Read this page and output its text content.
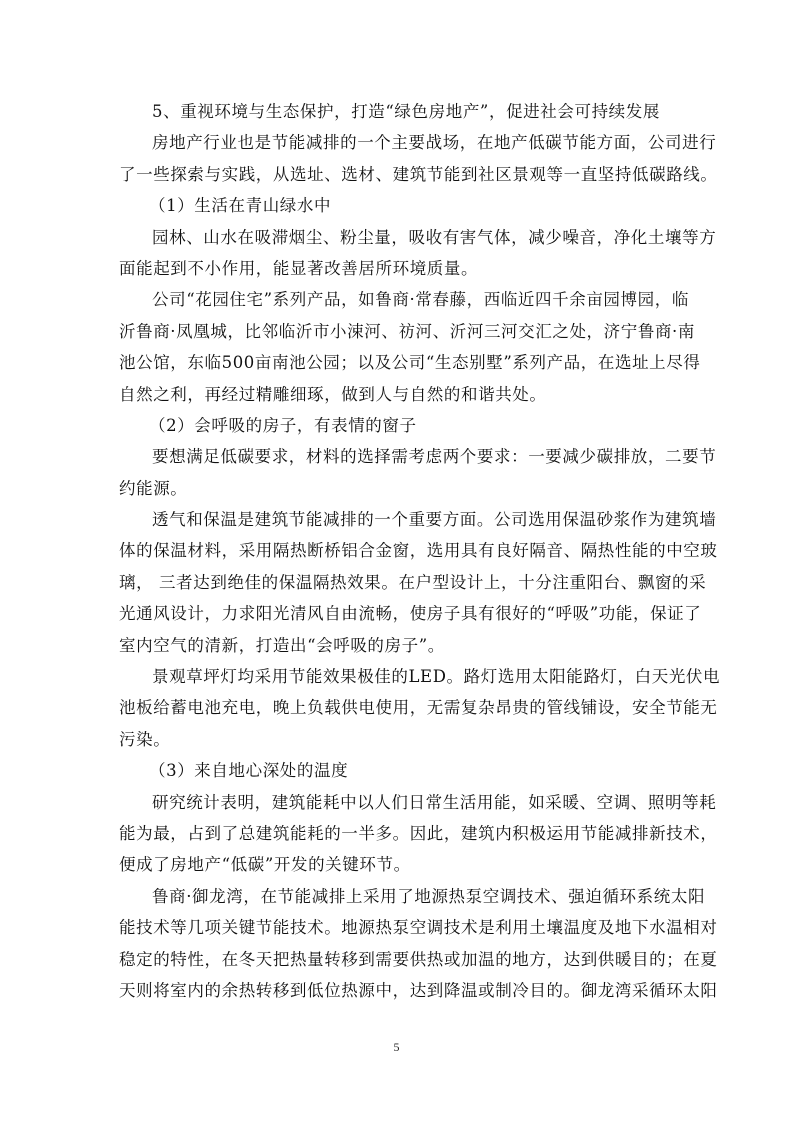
5、重视环境与生态保护，打造“绿色房地产”，促进社会可持续发展
房地产行业也是节能减排的一个主要战场，在地产低碳节能方面，公司进行
了一些探索与实践，从选址、选材、建筑节能到社区景观等一直坚持低碳路线。
（1）生活在青山绿水中
园林、山水在吸滞烟尘、粉尘量，吸收有害气体，减少噪音，净化土壤等方
面能起到不小作用，能显著改善居所环境质量。
公司“花园住宅”系列产品，如鲁商·常春藤，西临近四千余亩园博园，临
沂鲁商·凤凰城，比邻临沂市小涑河、祊河、沂河三河交汇之处，济宁鲁商·南
池公馆，东临500亩南池公园；以及公司“生态别墅”系列产品，在选址上尽得
自然之利，再经过精雕细琢，做到人与自然的和谐共处。
（2）会呼吸的房子，有表情的窗子
要想满足低碳要求，材料的选择需考虑两个要求：一要减少碳排放，二要节
约能源。
透气和保温是建筑节能减排的一个重要方面。公司选用保温砂浆作为建筑墙
体的保温材料，采用隔热断桥铝合金窗，选用具有良好隔音、隔热性能的中空玻
璃， 三者达到绝佳的保温隔热效果。在户型设计上，十分注重阳台、飘窗的采
光通风设计，力求阳光清风自由流畅，使房子具有很好的“呼吸”功能，保证了
室内空气的清新，打造出“会呼吸的房子”。
景观草坪灯均采用节能效果极佳的LED。路灯选用太阳能路灯，白天光伏电
池板给蓄电池充电，晚上负载供电使用，无需复杂昂贵的管线铺设，安全节能无
污染。
（3）来自地心深处的温度
研究统计表明，建筑能耗中以人们日常生活用能，如采暖、空调、照明等耗
能为最，占到了总建筑能耗的一半多。因此，建筑内积极运用节能减排新技术，
便成了房地产“低碳”开发的关键环节。
鲁商·御龙湾，在节能减排上采用了地源热泵空调技术、强迫循环系统太阳
能技术等几项关键节能技术。地源热泵空调技术是利用土壤温度及地下水温相对
稳定的特性，在冬天把热量转移到需要供热或加温的地方，达到供暖目的；在夏
天则将室内的余热转移到低位热源中，达到降温或制冷目的。御龙湾采循环太阳
5
